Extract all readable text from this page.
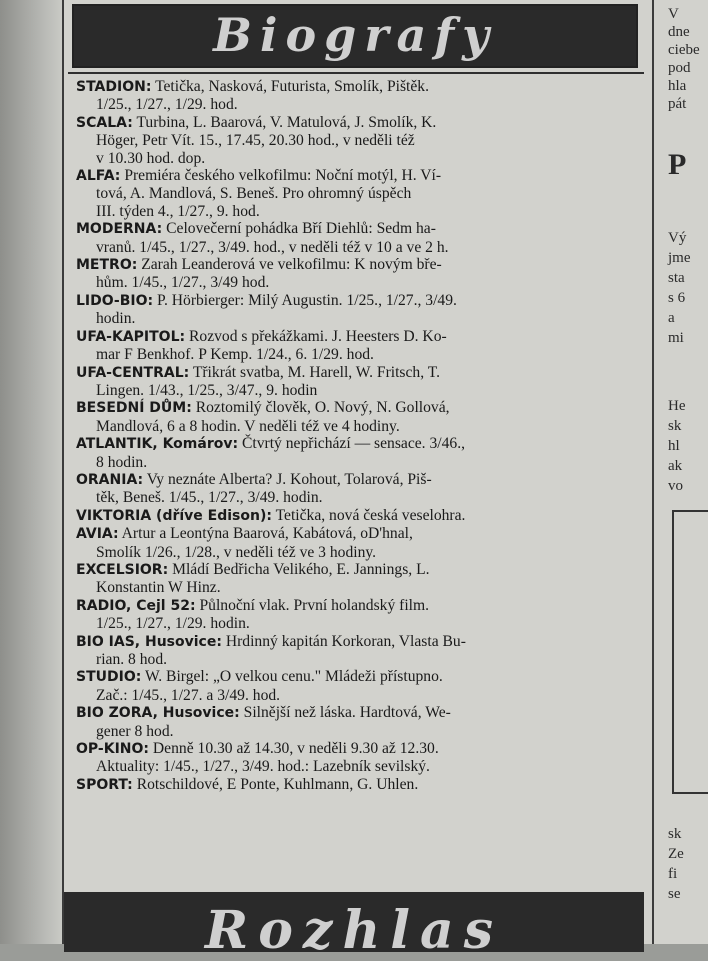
Biografy
STADION: Tetička, Nasková, Futurista, Smolík, Pištěk.
1/25., 1/27., 1/29. hod.
SCALA: Turbina, L. Baarová, V. Matulová, J. Smolík, K.
Höger, Petr Vít. 15., 17.45, 20.30 hod., v neděli též
v 10.30 hod. dop.
ALFA: Premiéra českého velkofilmu: Noční motýl, H. Ví-
tová, A. Mandlová, S. Beneš. Pro ohromný úspěch
III. týden 4., 1/27., 9. hod.
MODERNA: Celovečerní pohádka Bří Diehlů: Sedm ha-
vranů. 1/45., 1/27., 3/49. hod., v neděli též v 10 a ve 2 h.
METRO: Zarah Leanderová ve velkofilmu: K novým bře-
hům. 1/45., 1/27., 3/49 hod.
LIDO-BIO: P. Hörbierger: Milý Augustin. 1/25., 1/27., 3/49.
hodin.
UFA-KAPITOL: Rozvod s překážkami. J. Heesters D. Ko-
mar F Benkhof. P Kemp. 1/24., 6. 1/29. hod.
UFA-CENTRAL: Třikrát svatba, M. Harell, W. Fritsch, T.
Lingen. 1/43., 1/25., 3/47., 9. hodin
BESEDNÍ DŮM: Roztomilý člověk, O. Nový, N. Gollová,
Mandlová, 6 a 8 hodin. V neděli též ve 4 hodiny.
ATLANTIK, Komárov: Čtvrtý nepřichází — sensace. 3/46.,
8 hodin.
ORANIA: Vy neznáte Alberta? J. Kohout, Tolarová, Piš-
těk, Beneš. 1/45., 1/27., 3/49. hodin.
VIKTORIA (dříve Edison): Tetička, nová česká veselohra.
AVIA: Artur a Leontýna Baarová, Kabátová, oD'hnal,
Smolík 1/26., 1/28., v neděli též ve 3 hodiny.
EXCELSIOR: Mládí Bedřicha Velikého, E. Jannings, L.
Konstantin W Hinz.
RADIO, Cejl 52: Půlnoční vlak. První holandský film.
1/25., 1/27., 1/29. hodin.
BIO IAS, Husovice: Hrdinný kapitán Korkoran, Vlasta Bu-
rian. 8 hod.
STUDIO: W. Birgel: „O velkou cenu." Mládeži přístupno.
Zač.: 1/45., 1/27. a 3/49. hod.
BIO ZORA, Husovice: Silnější než láska. Hardtová, We-
gener 8 hod.
OP-KINO: Denně 10.30 až 14.30, v neděli 9.30 až 12.30.
Aktuality: 1/45., 1/27., 3/49. hod.: Lazebník sevilský.
SPORT: Rotschildové, E Ponte, Kuhlmann, G. Uhlen.
Rozhlas
V
dne
ciebe
pod
hla
pát
P
Vý
jme
sta
s 6
a
mi
He
sk
hl
ak
vo
sk
Ze
fi
se
